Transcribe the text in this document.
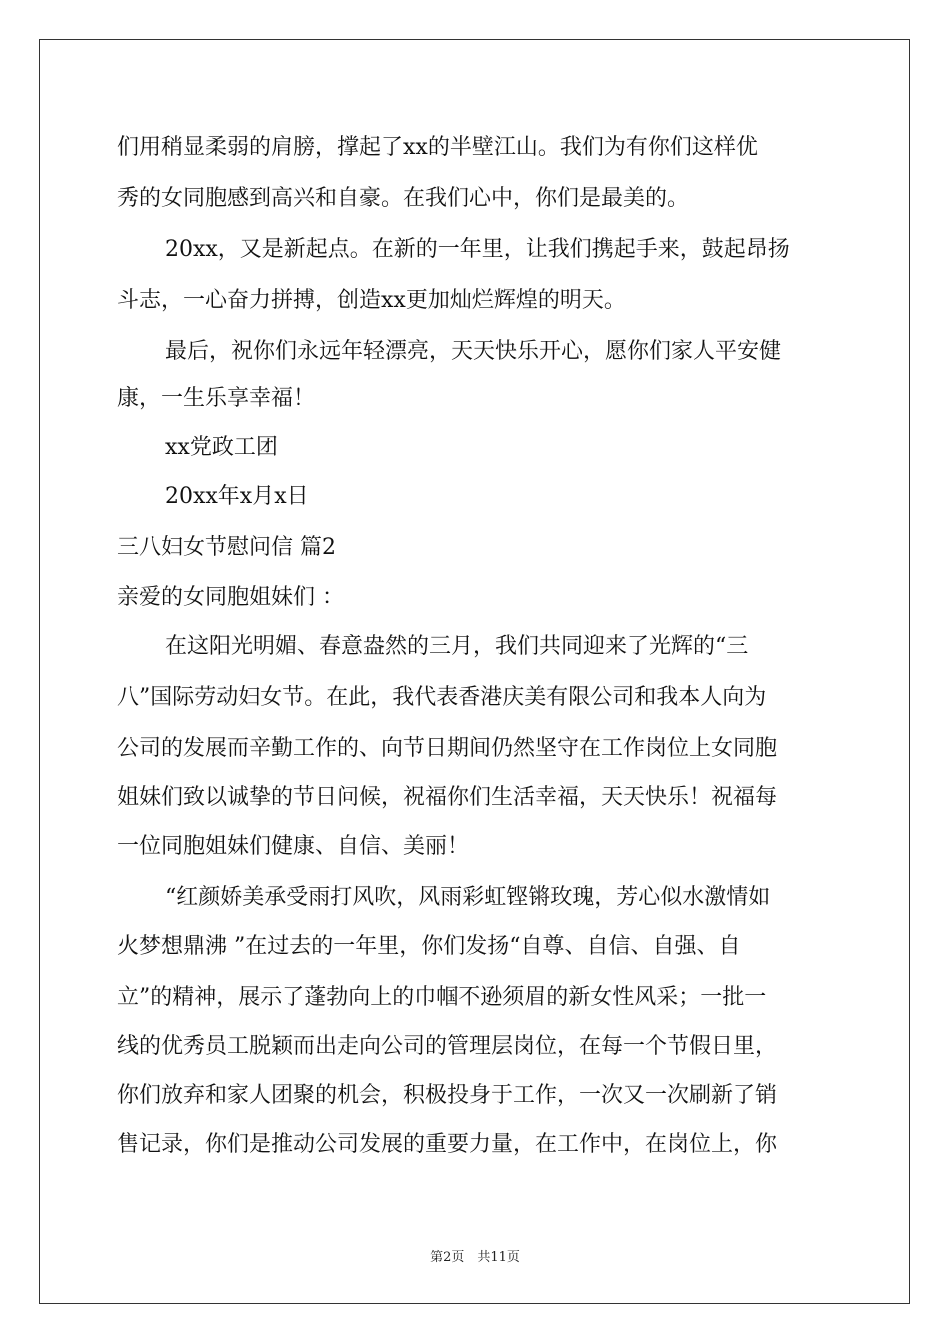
们用稍显柔弱的肩膀，撑起了xx的半壁江山。我们为有你们这样优
秀的女同胞感到高兴和自豪。在我们心中，你们是最美的。
20xx，又是新起点。在新的一年里，让我们携起手来，鼓起昂扬
斗志，一心奋力拼搏，创造xx更加灿烂辉煌的明天。
最后，祝你们永远年轻漂亮，天天快乐开心，愿你们家人平安健
康，一生乐享幸福！
xx党政工团
20xx年x月x日
三八妇女节慰问信 篇2
亲爱的女同胞姐妹们 ：
在这阳光明媚、春意盎然的三月，我们共同迎来了光辉的“三
八”国际劳动妇女节。在此，我代表香港庆美有限公司和我本人向为
公司的发展而辛勤工作的、向节日期间仍然坚守在工作岗位上女同胞
姐妹们致以诚挚的节日问候，祝福你们生活幸福，天天快乐！祝福每
一位同胞姐妹们健康、自信、美丽！
“红颜娇美承受雨打风吹，风雨彩虹铿锵玫瑰，芳心似水激情如
火梦想鼎沸 ”在过去的一年里，你们发扬“自尊、自信、自强、自
立”的精神，展示了蓬勃向上的巾帼不逊须眉的新女性风采；一批一
线的优秀员工脱颖而出走向公司的管理层岗位，在每一个节假日里，
你们放弃和家人团聚的机会，积极投身于工作，一次又一次刷新了销
售记录，你们是推动公司发展的重要力量，在工作中，在岗位上，你
第2页　共11页
